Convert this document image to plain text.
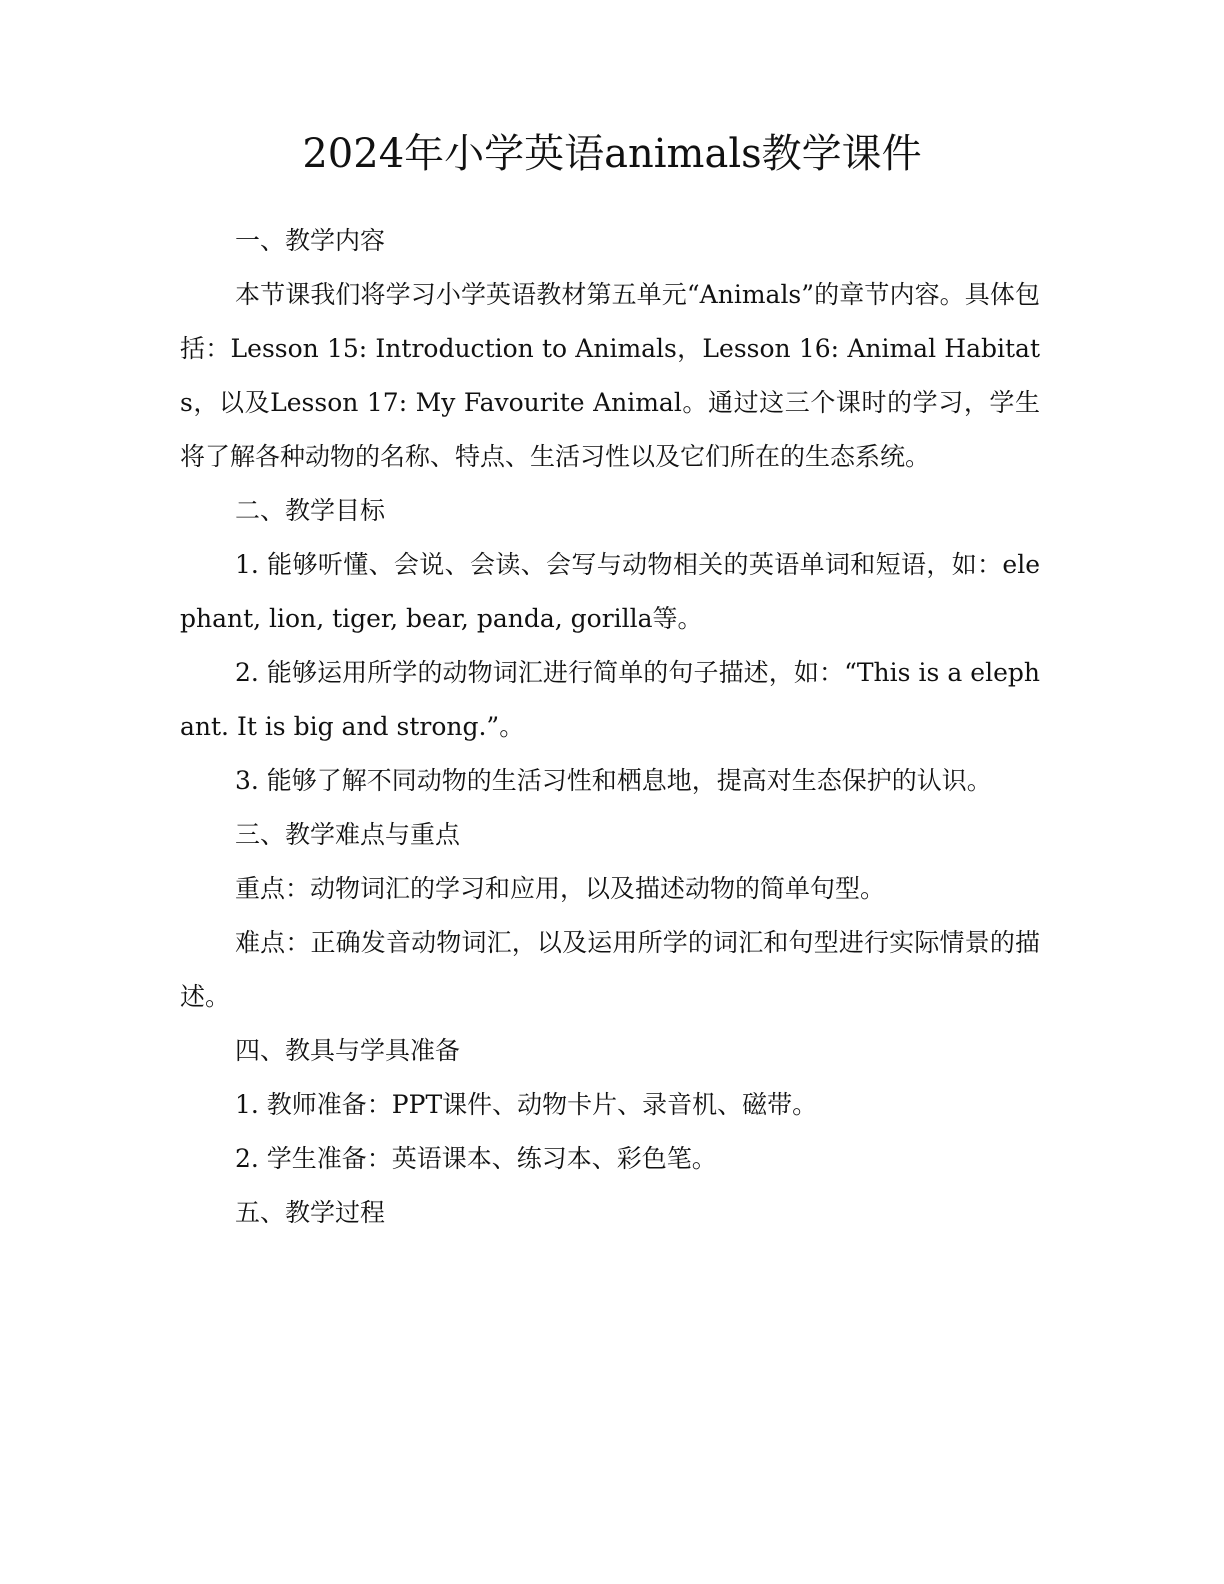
2024年小学英语animals教学课件

一、教学内容

本节课我们将学习小学英语教材第五单元“Animals”的章节内容。具体包括：Lesson 15: Introduction to Animals，Lesson 16: Animal Habitats，以及Lesson 17: My Favourite Animal。通过这三个课时的学习，学生将了解各种动物的名称、特点、生活习性以及它们所在的生态系统。

二、教学目标

1. 能够听懂、会说、会读、会写与动物相关的英语单词和短语，如：elephant, lion, tiger, bear, panda, gorilla等。

2. 能够运用所学的动物词汇进行简单的句子描述，如：“This is a elephant. It is big and strong.”。

3. 能够了解不同动物的生活习性和栖息地，提高对生态保护的认识。

三、教学难点与重点

重点：动物词汇的学习和应用，以及描述动物的简单句型。

难点：正确发音动物词汇，以及运用所学的词汇和句型进行实际情景的描述。

四、教具与学具准备

1. 教师准备：PPT课件、动物卡片、录音机、磁带。

2. 学生准备：英语课本、练习本、彩色笔。

五、教学过程
